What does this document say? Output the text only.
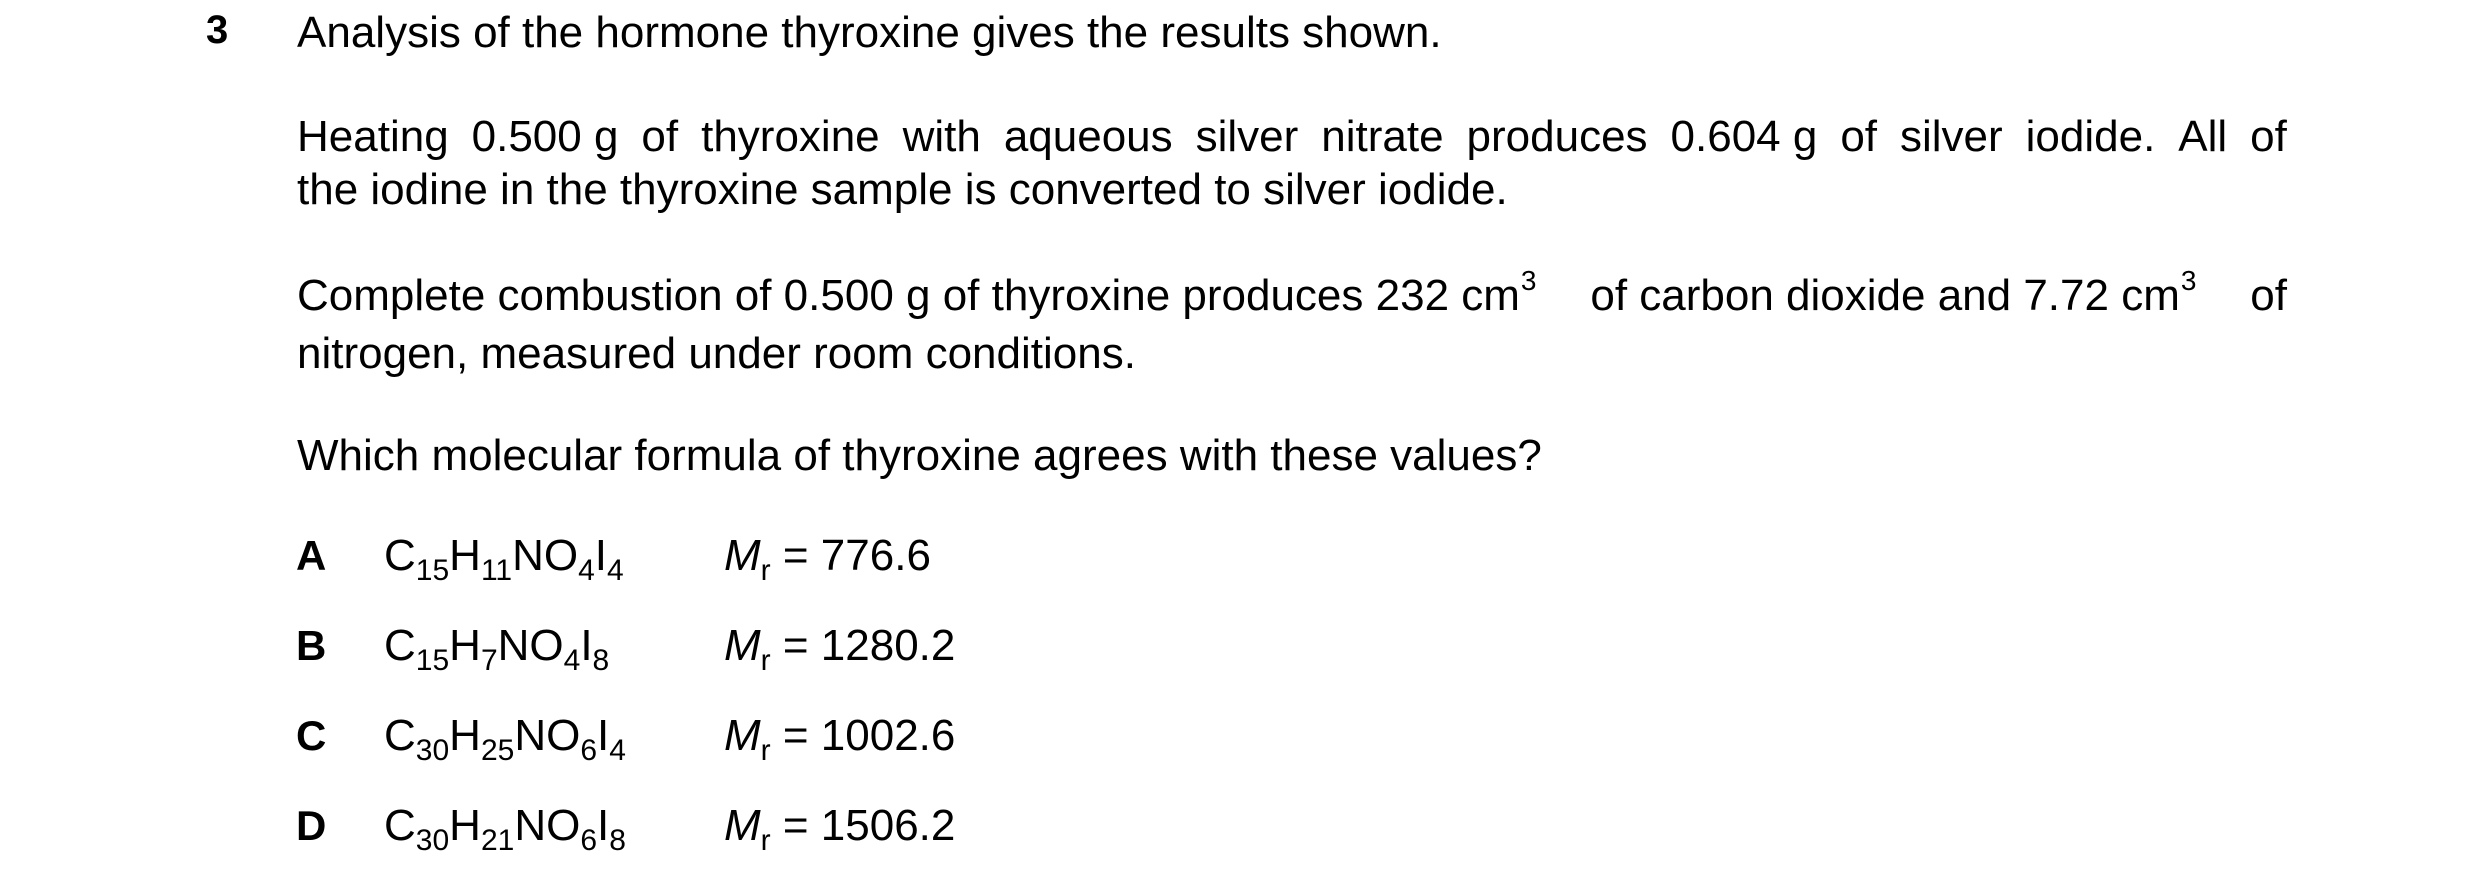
3 Analysis of the hormone thyroxine gives the results shown.
Heating 0.500 g of thyroxine with aqueous silver nitrate produces 0.604 g of silver iodide. All of
the iodine in the thyroxine sample is converted to silver iodide.
Complete combustion of 0.500 g of thyroxine produces 232 $cm^3$ of carbon dioxide and 7.72 $cm^3$ of
nitrogen, measured under room conditions.
Which molecular formula of thyroxine agrees with these values?
A $C_{15}H_{11}NO_4I_4$ $M_r = 776.6$
B $C_{15}H_7NO_4I_8$	$M_r = 1280.2$
C $C_{30}H_{25}NO_6I_4$ $M_r = 1002.6$
D $C_{30}H_{21}NO_6I_8$ $M_r = 1506.2$
